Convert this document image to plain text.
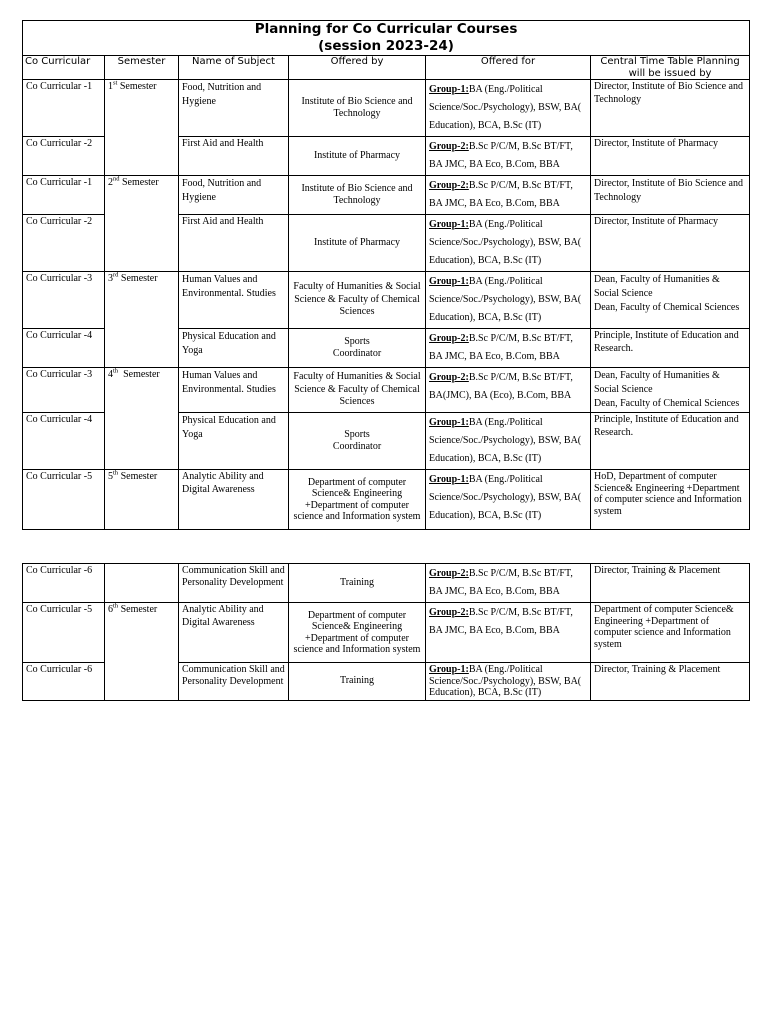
Planning for Co Curricular Courses
(session 2023-24)					

Co Curricular	Semester	Name of Subject	Offered by	Offered for	Central Time Table Planning will be issued by
Co Curricular -1	1st Semester	Food, Nutrition and Hygiene	Institute of Bio Science and Technology	Group-1:BA (Eng./Political Science/Soc./Psychology), BSW, BA( Education), BCA, B.Sc (IT)	Director, Institute of Bio Science and Technology
Co Curricular -2		First Aid and Health	Institute of Pharmacy	Group-2:B.Sc P/C/M, B.Sc BT/FT, BA JMC, BA Eco, B.Com, BBA	Director, Institute of Pharmacy
Co Curricular -1	2nd Semester	Food, Nutrition and Hygiene	Institute of Bio Science and Technology	Group-2:B.Sc P/C/M, B.Sc BT/FT, BA JMC, BA Eco, B.Com, BBA	Director, Institute of Bio Science and Technology
Co Curricular -2		First Aid and Health	Institute of Pharmacy	Group-1:BA (Eng./Political Science/Soc./Psychology), BSW, BA( Education), BCA, B.Sc (IT)	Director, Institute of Pharmacy
Co Curricular -3	3rd Semester	Human Values and Environmental. Studies	Faculty of Humanities & Social Science & Faculty of Chemical Sciences	Group-1:BA (Eng./Political Science/Soc./Psychology), BSW, BA( Education), BCA, B.Sc (IT)	Dean, Faculty of Humanities & Social Science
Dean, Faculty of Chemical Sciences

Co Curricular -4		Physical Education and Yoga	Sports
Coordinator	Group-2:B.Sc P/C/M, B.Sc BT/FT, BA JMC, BA Eco, B.Com, BBA	Principle, Institute of Education and Research.
Co Curricular -3	4th  Semester	Human Values and Environmental. Studies	Faculty of Humanities & Social Science & Faculty of Chemical Sciences	Group-2:B.Sc P/C/M, B.Sc BT/FT, BA(JMC), BA (Eco), B.Com, BBA	Dean, Faculty of Humanities & Social Science
Dean, Faculty of Chemical Sciences

Co Curricular -4		Physical Education and Yoga	Sports
Coordinator	Group-1:BA (Eng./Political Science/Soc./Psychology), BSW, BA( Education), BCA, B.Sc (IT)	Principle, Institute of Education and Research.
Co Curricular -5	5th Semester	Analytic Ability and Digital Awareness	Department of computer Science& Engineering +Department of computer science and Information system	Group-1:BA (Eng./Political Science/Soc./Psychology), BSW, BA( Education), BCA, B.Sc (IT)	HoD, Department of computer Science& Engineering +Department of computer science and Information system
Co Curricular -6		Communication Skill and Personality Development	Training	Group-2:B.Sc P/C/M, B.Sc BT/FT, BA JMC, BA Eco, B.Com, BBA	Director, Training & Placement
Co Curricular -5	6th Semester	Analytic Ability and Digital Awareness	Department of computer Science& Engineering +Department of computer science and Information system	Group-2:B.Sc P/C/M, B.Sc BT/FT, BA JMC, BA Eco, B.Com, BBA	Department of computer Science& Engineering +Department of computer science and Information system
Co Curricular -6		Communication Skill and Personality Development	Training	Group-1:BA (Eng./Political Science/Soc./Psychology), BSW, BA( Education), BCA, B.Sc (IT)	Director, Training & Placement
